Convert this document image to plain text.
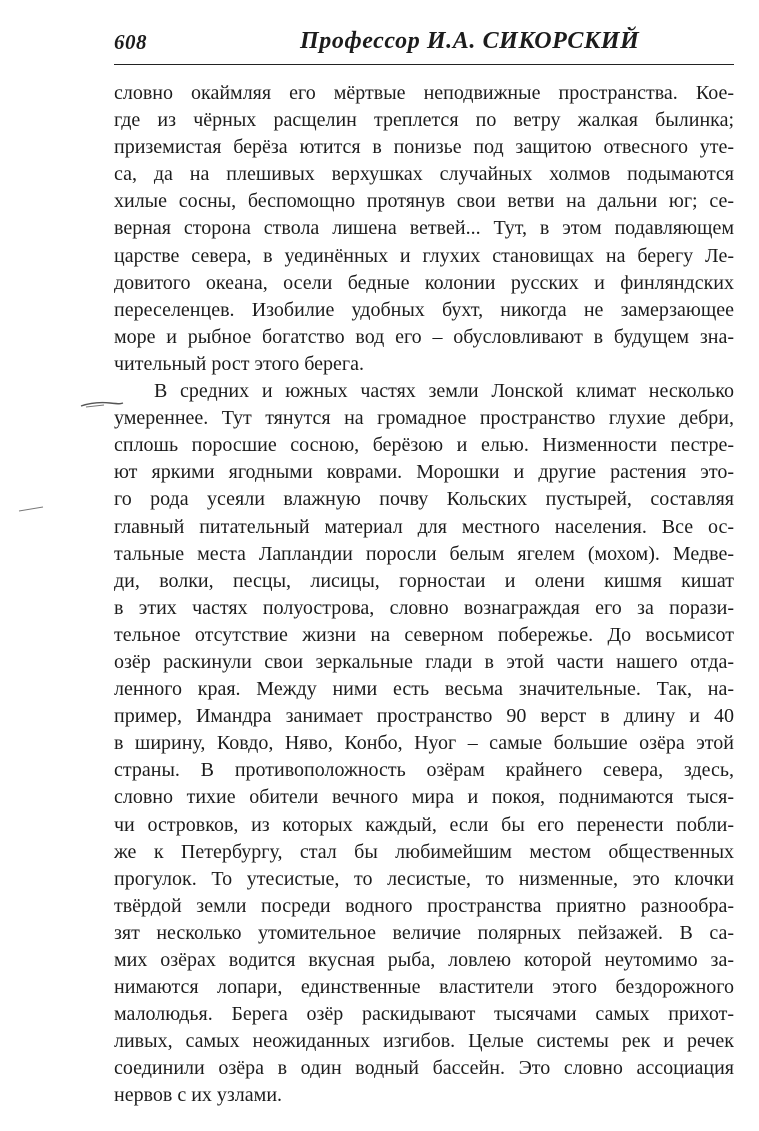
608	Профессор И.А. СИКОРСКИЙ
словно окаймляя его мёртвые неподвижные пространства. Кое-
где из чёрных расщелин треплется по ветру жалкая былинка;
приземистая берёза ютится в понизье под защитою отвесного уте-
са, да на плешивых верхушках случайных холмов подымаются
хилые сосны, беспомощно протянув свои ветви на дальни юг; се-
верная сторона ствола лишена ветвей... Тут, в этом подавляющем
царстве севера, в уединённых и глухих становищах на берегу Ле-
довитого океана, осели бедные колонии русских и финляндских
переселенцев. Изобилие удобных бухт, никогда не замерзающее
море и рыбное богатство вод его – обусловливают в будущем зна-
чительный рост этого берега.
В средних и южных частях земли Лонской климат несколько
умереннее. Тут тянутся на громадное пространство глухие дебри,
сплошь поросшие сосною, берёзою и елью. Низменности пестре-
ют яркими ягодными коврами. Морошки и другие растения это-
го рода усеяли влажную почву Кольских пустырей, составляя
главный питательный материал для местного населения. Все ос-
тальные места Лапландии поросли белым ягелем (мохом). Медве-
ди, волки, песцы, лисицы, горностаи и олени кишмя кишат
в этих частях полуострова, словно вознаграждая его за порази-
тельное отсутствие жизни на северном побережье. До восьмисот
озёр раскинули свои зеркальные глади в этой части нашего отда-
ленного края. Между ними есть весьма значительные. Так, на-
пример, Имандра занимает пространство 90 верст в длину и 40
в ширину, Ковдо, Нявo, Конбо, Нуог – самые большие озёра этой
страны. В противоположность озёрам крайнего севера, здесь,
словно тихие обители вечного мира и покоя, поднимаются тыся-
чи островков, из которых каждый, если бы его перенести побли-
же к Петербургу, стал бы любимейшим местом общественных
прогулок. То утесистые, то лесистые, то низменные, это клочки
твёрдой земли посреди водного пространства приятно разнообра-
зят несколько утомительное величие полярных пейзажей. В са-
мих озёрах водится вкусная рыба, ловлею которой неутомимо за-
нимаются лопари, единственные властители этого бездорожного
малолюдья. Берега озёр раскидывают тысячами самых прихот-
ливых, самых неожиданных изгибов. Целые системы рек и речек
соединили озёра в один водный бассейн. Это словно ассоциация
нервов с их узлами.
